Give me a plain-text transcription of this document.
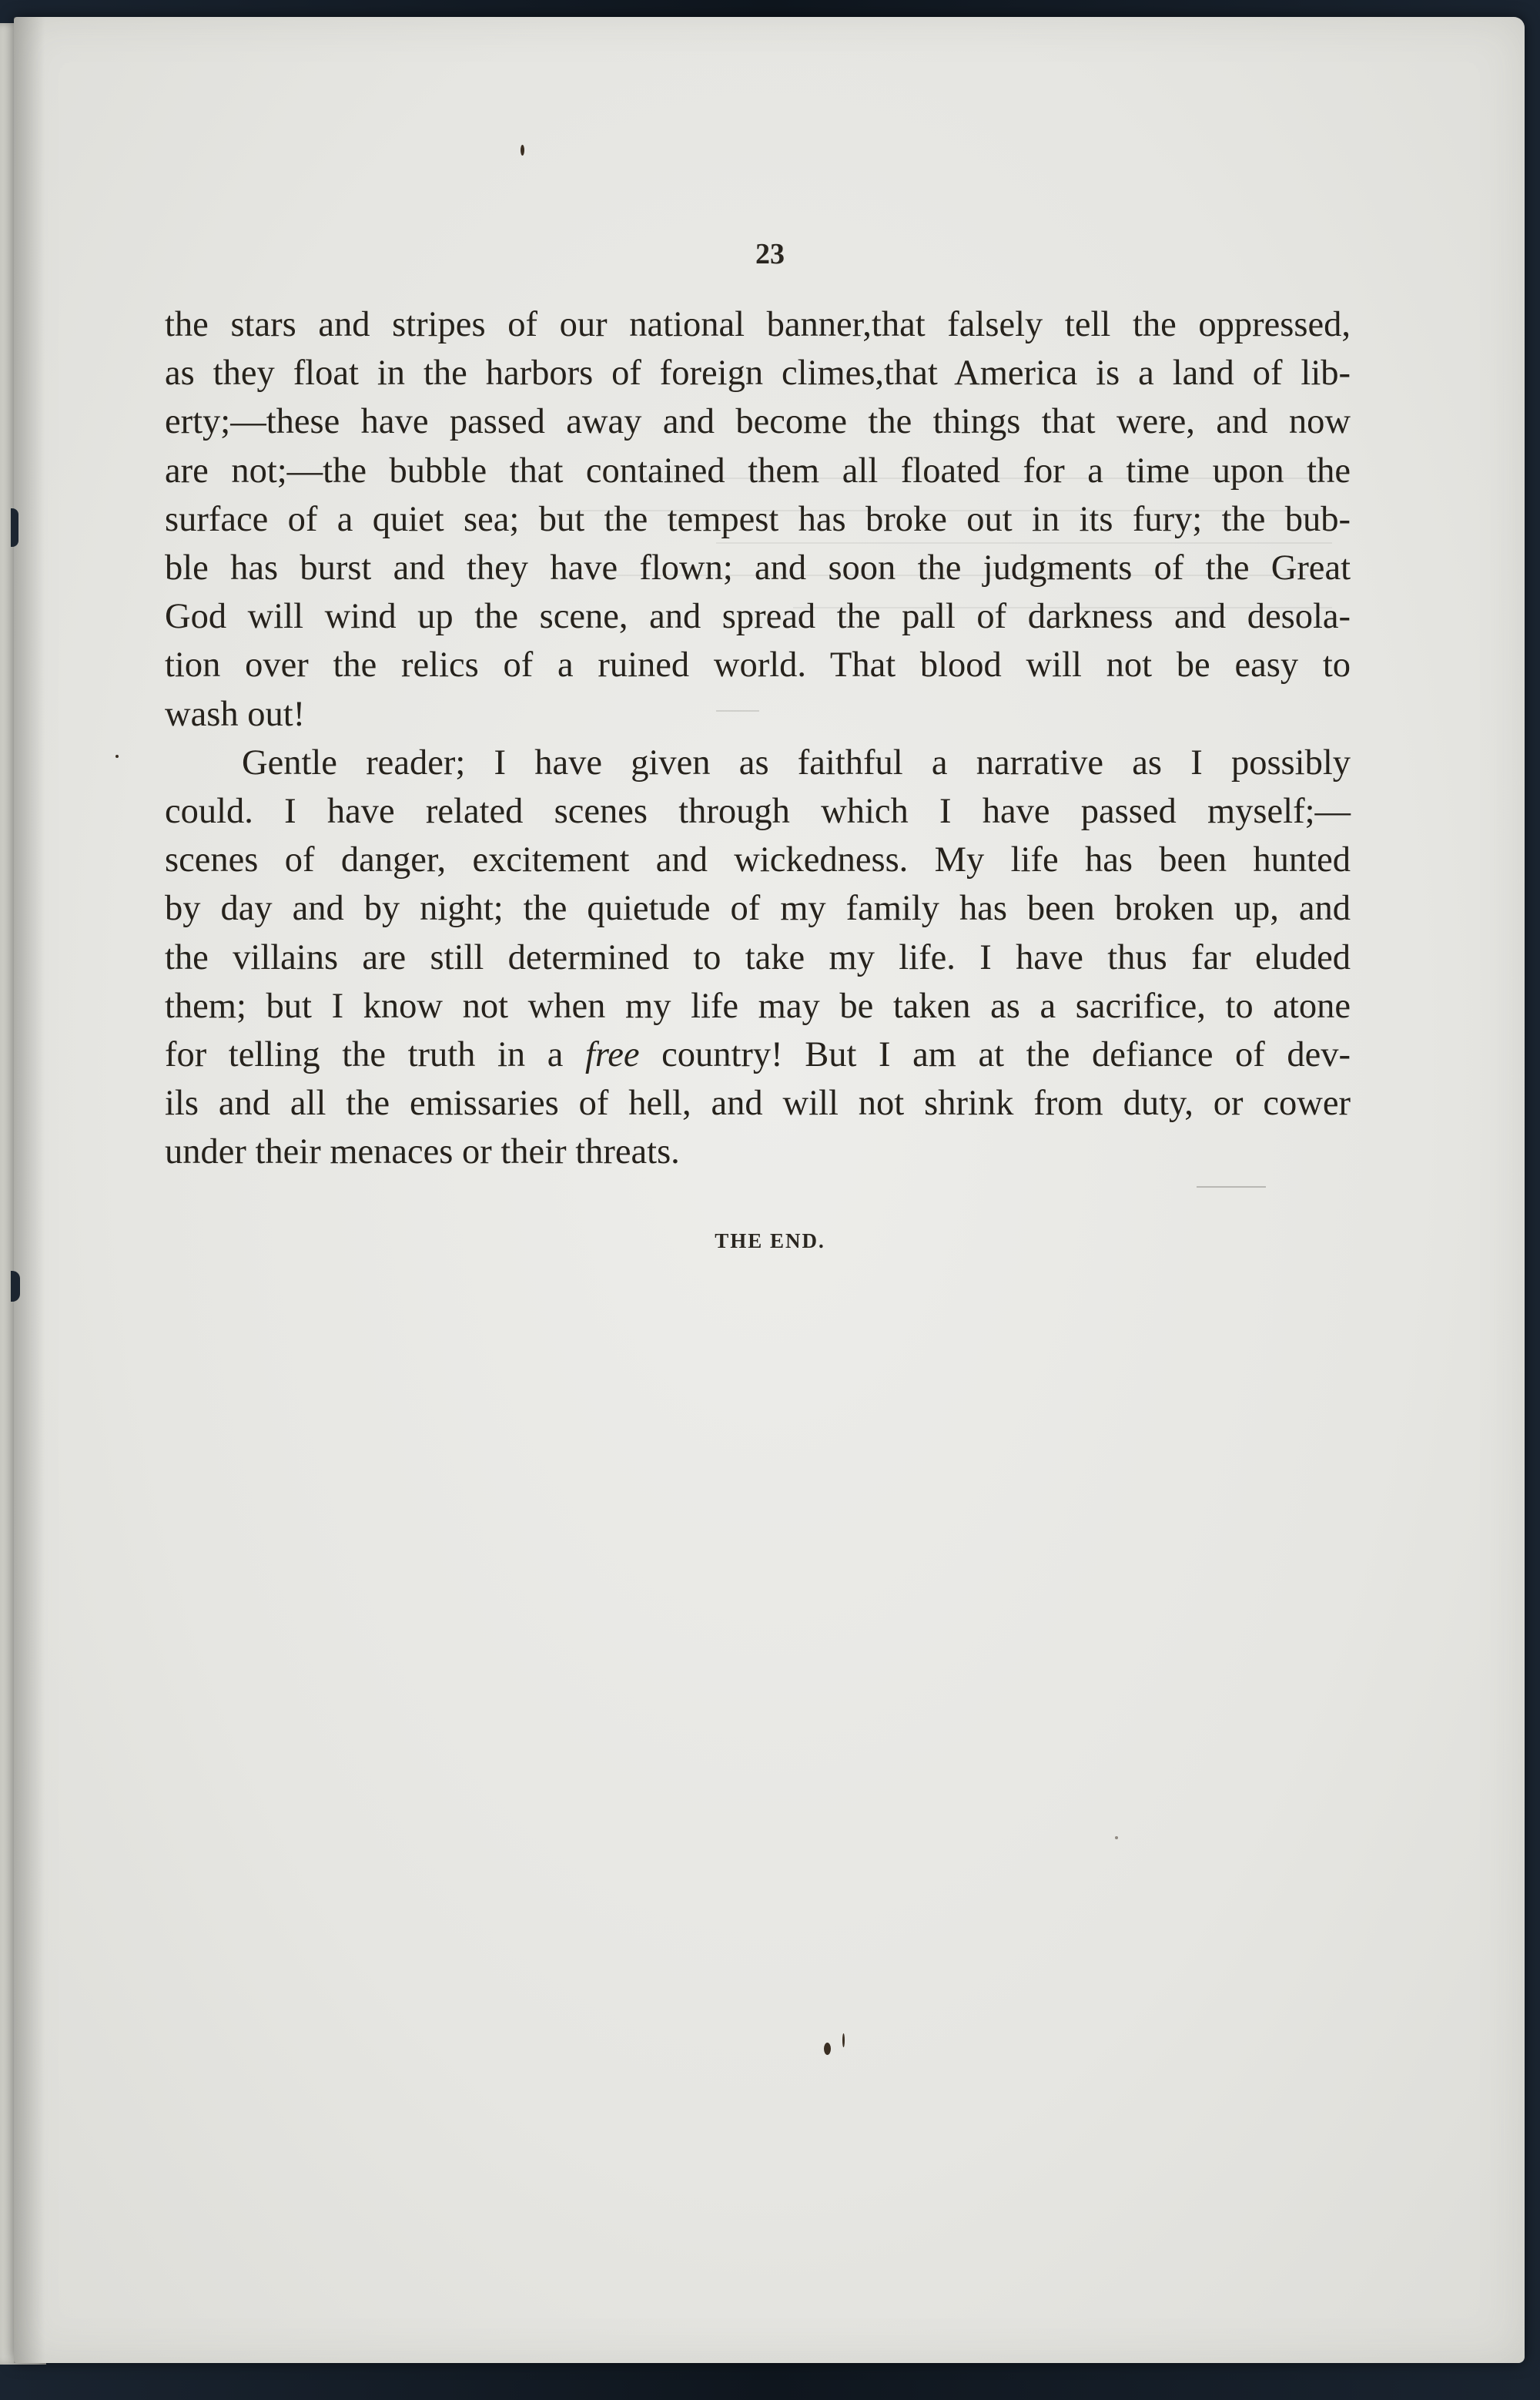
23
the stars and stripes of our national banner,that falsely tell the oppressed,
as they float in the harbors of foreign climes,that America is a land of lib-
erty;—these have passed away and become the things that were, and now
are not;—the bubble that contained them all floated for a time upon the
surface of a quiet sea; but the tempest has broke out in its fury; the bub-
ble has burst and they have flown; and soon the judgments of the Great
God will wind up the scene, and spread the pall of darkness and desola-
tion over the relics of a ruined world. That blood will not be easy to
wash out!
Gentle reader; I have given as faithful a narrative as I possibly
could. I have related scenes through which I have passed myself;—
scenes of danger, excitement and wickedness. My life has been hunted
by day and by night; the quietude of my family has been broken up, and
the villains are still determined to take my life. I have thus far eluded
them; but I know not when my life may be taken as a sacrifice, to atone
for telling the truth in a free country! But I am at the defiance of dev-
ils and all the emissaries of hell, and will not shrink from duty, or cower
under their menaces or their threats.
THE END.
